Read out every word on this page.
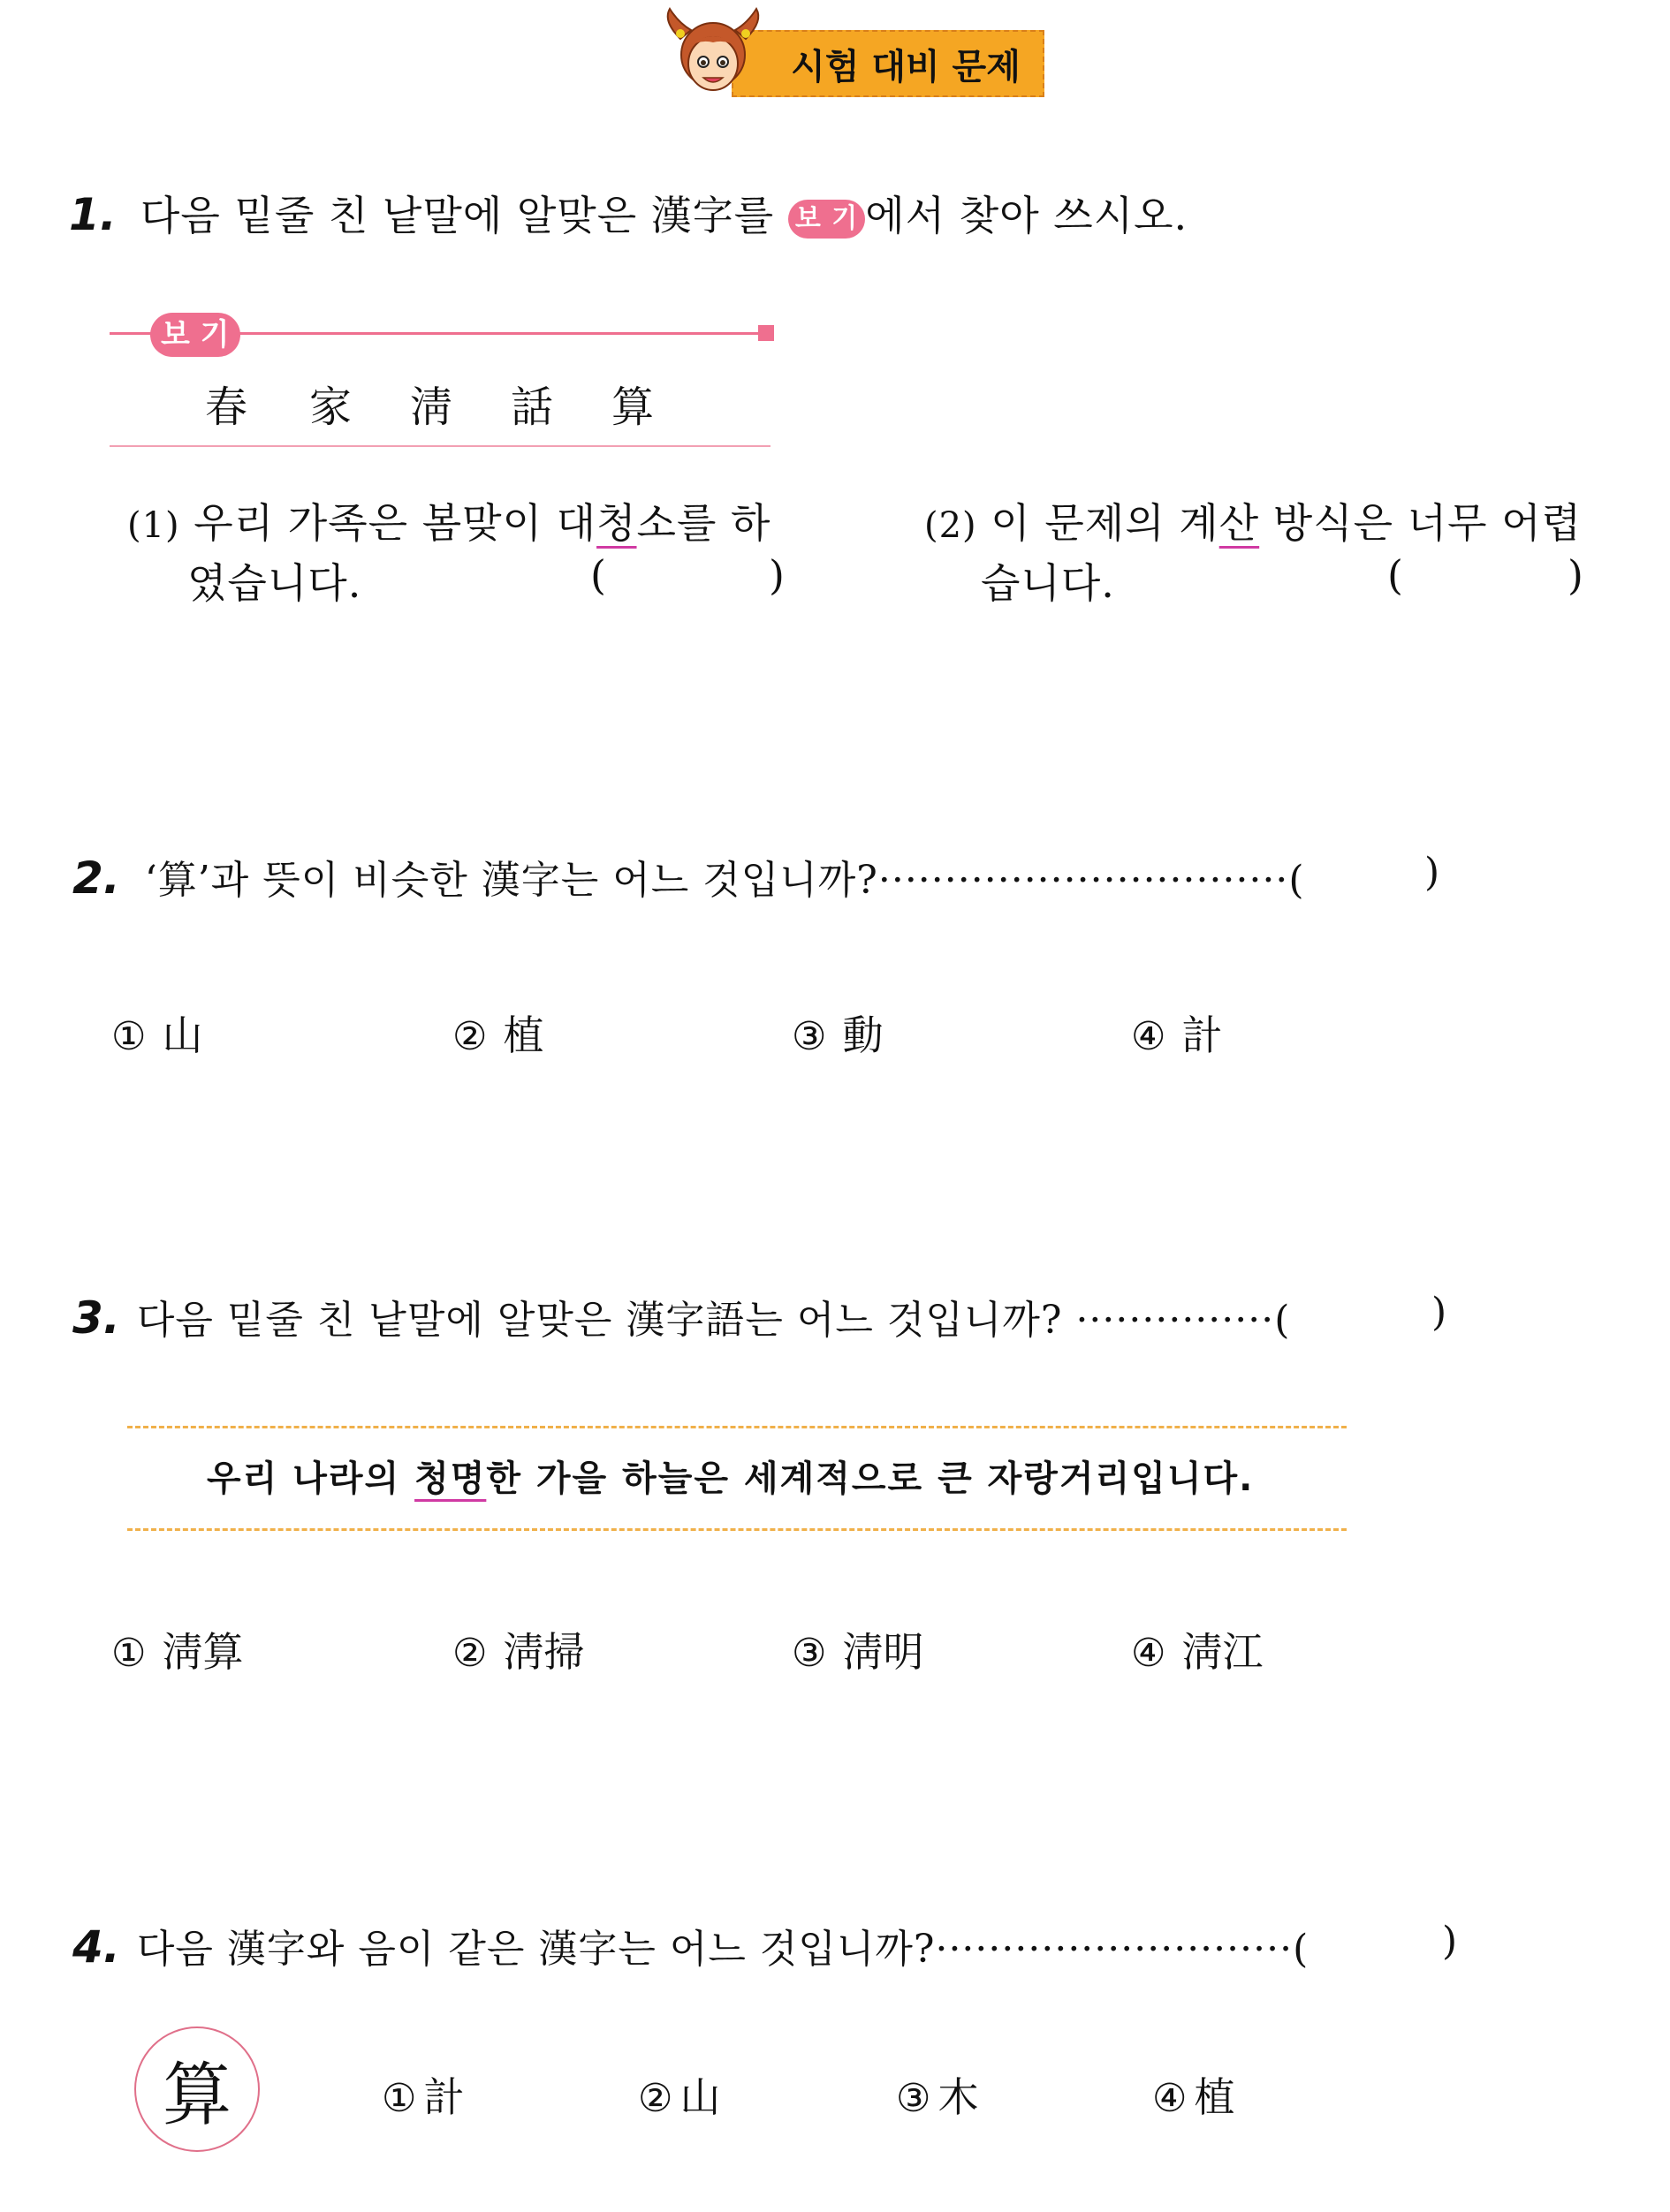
시험 대비 문제
1. 다음 밑줄 친 낱말에 알맞은 漢字를 보 기 에서 찾아 쓰시오.
보 기
春 家 淸 話 算
(1) 우리 가족은 봄맞이 대청소를 하
였습니다.	(	)
(2) 이 문제의 계산 방식은 너무 어렵
습니다.	(	)
2. ‘算’과 뜻이 비슷한 漢字는 어느 것입니까?·······························(	)
① 山	② 植	③ 動	④ 計
3. 다음 밑줄 친 낱말에 알맞은 漢字語는 어느 것입니까? ···············(	)
우리 나라의 청명한 가을 하늘은 세계적으로 큰 자랑거리입니다.
① 淸算	② 淸掃	③ 淸明	④ 淸江
4. 다음 漢字와 음이 같은 漢字는 어느 것입니까?···························(	)
算	① 計	② 山	③ 木	④ 植
